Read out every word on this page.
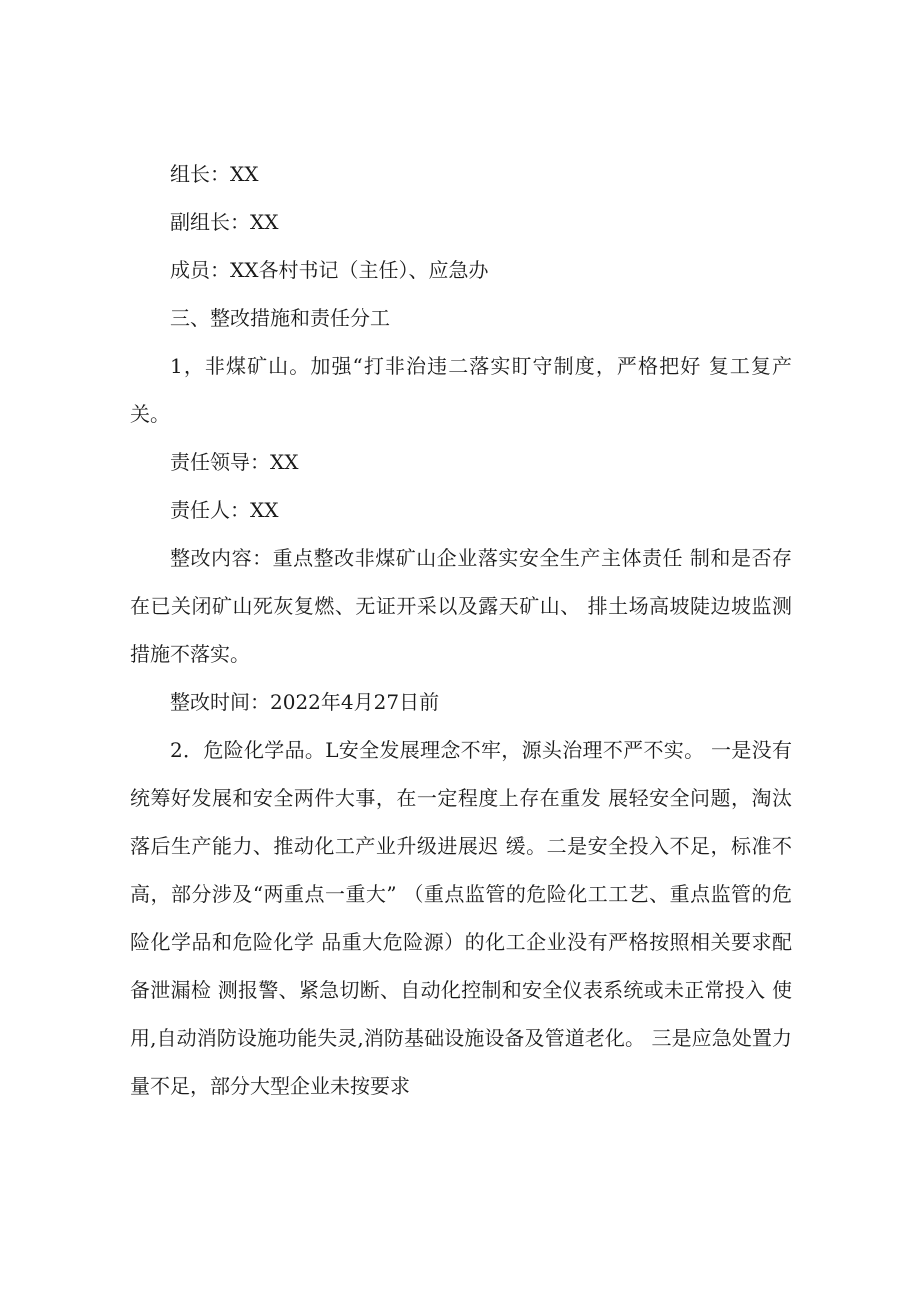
组长：XX

副组长：XX

成员：XX各村书记（主任）、应急办

三、整改措施和责任分工

1，非煤矿山。加强“打非治违二落实盯守制度，严格把好 复工复产关。

责任领导：XX

责任人：XX

整改内容：重点整改非煤矿山企业落实安全生产主体责任 制和是否存在已关闭矿山死灰复燃、无证开采以及露天矿山、 排土场高坡陡边坡监测措施不落实。

整改时间：2022年4月27日前

2．危险化学品。L安全发展理念不牢，源头治理不严不实。 一是没有统筹好发展和安全两件大事，在一定程度上存在重发 展轻安全问题，淘汰落后生产能力、推动化工产业升级进展迟 缓。二是安全投入不足，标准不高，部分涉及“两重点一重大” （重点监管的危险化工工艺、重点监管的危险化学品和危险化学 品重大危险源）的化工企业没有严格按照相关要求配备泄漏检 测报警、紧急切断、自动化控制和安全仪表系统或未正常投入 使用,自动消防设施功能失灵,消防基础设施设备及管道老化。 三是应急处置力量不足，部分大型企业未按要求
